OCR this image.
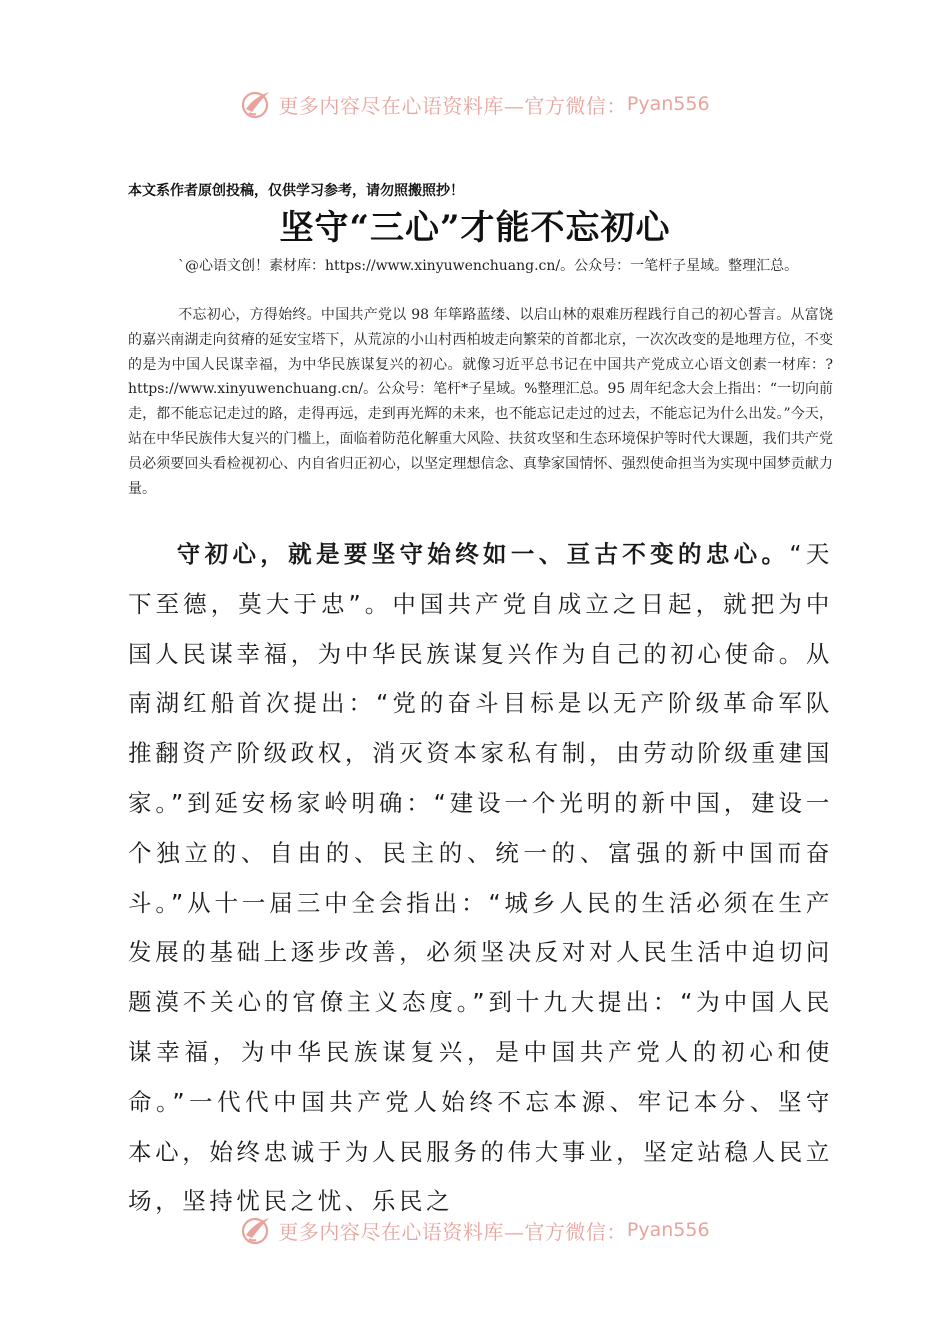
更多内容尽在心语资料库—官方微信： Pyan556
本文系作者原创投稿，仅供学习参考，请勿照搬照抄！
坚守“三心”才能不忘初心
`@心语文创！素材库：https://www.xinyuwenchuang.cn/。公众号：一笔杆子星域。整理汇总。
不忘初心，方得始终。中国共产党以 98 年筚路蓝缕、以启山林的艰难历程践行自己的初心誓言。从富饶的嘉兴南湖走向贫瘠的延安宝塔下，从荒凉的小山村西柏坡走向繁荣的首都北京，一次次改变的是地理方位，不变的是为中国人民谋幸福，为中华民族谋复兴的初心。就像习近平总书记在中国共产党成立心语文创素一材库：?https://www.xinyuwenchuang.cn/。公众号：笔杆*子星域。%整理汇总。95 周年纪念大会上指出：“一切向前走，都不能忘记走过的路，走得再远，走到再光辉的未来，也不能忘记走过的过去，不能忘记为什么出发。”今天，站在中华民族伟大复兴的门槛上，面临着防范化解重大风险、扶贫攻坚和生态环境保护等时代大课题，我们共产党员必须要回头看检视初心、内自省归正初心，以坚定理想信念、真挚家国情怀、强烈使命担当为实现中国梦贡献力量。
守初心，就是要坚守始终如一、亘古不变的忠心。“天下至德，莫大于忠”。中国共产党自成立之日起，就把为中国人民谋幸福，为中华民族谋复兴作为自己的初心使命。从南湖红船首次提出：“党的奋斗目标是以无产阶级革命军队推翻资产阶级政权，消灭资本家私有制，由劳动阶级重建国家。”到延安杨家岭明确：“建设一个光明的新中国，建设一个独立的、自由的、民主的、统一的、富强的新中国而奋斗。”从十一届三中全会指出：“城乡人民的生活必须在生产发展的基础上逐步改善，必须坚决反对对人民生活中迫切问题漠不关心的官僚主义态度。”到十九大提出：“为中国人民谋幸福，为中华民族谋复兴，是中国共产党人的初心和使命。”一代代中国共产党人始终不忘本源、牢记本分、坚守本心，始终忠诚于为人民服务的伟大事业，坚定站稳人民立场，坚持忧民之忧、乐民之
更多内容尽在心语资料库—官方微信： Pyan556
